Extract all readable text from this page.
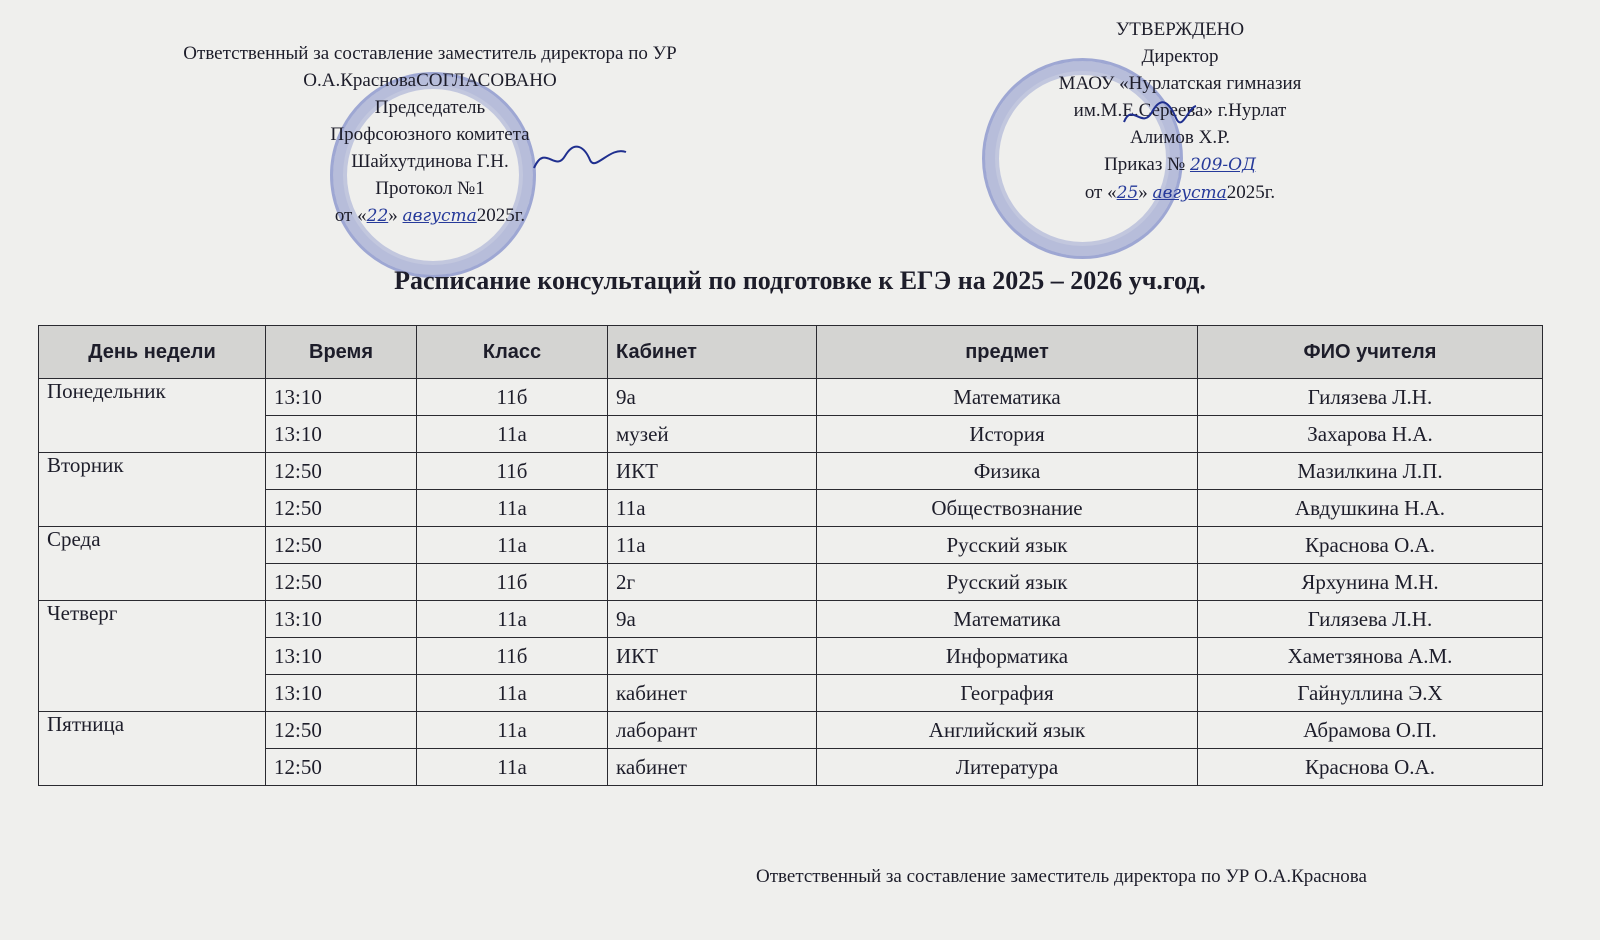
Ответственный за составление заместитель директора по УР
О.А.КрасноваСОГЛАСОВАНО
Председатель
Профсоюзного комитета
Шайхутдинова Г.Н.
Протокол №1
от «22» августа2025г.
УТВЕРЖДЕНО
Директор
МАОУ «Нурлатская гимназия
им.М.Е.Сереева» г.Нурлат
Алимов Х.Р.
Приказ № 209-ОД
от «25» августа2025г.
Расписание консультаций по подготовке к ЕГЭ на 2025 – 2026 уч.год.
День недели	Время	Класс	Кабинет	предмет	ФИО учителя
Понедельник	13:10	11б	9а	Математика	Гилязева Л.Н.
	13:10	11а	музей	История	Захарова Н.А.
Вторник	12:50	11б	ИКТ	Физика	Мазилкина Л.П.
	12:50	11а	11а	Обществознание	Авдушкина Н.А.
Среда	12:50	11а	11а	Русский язык	Краснова О.А.
	12:50	11б	2г	Русский язык	Ярхунина М.Н.
Четверг	13:10	11а	9а	Математика	Гилязева Л.Н.
	13:10	11б	ИКТ	Информатика	Хаметзянова А.М.
	13:10	11а	кабинет	География	Гайнуллина Э.Х
Пятница	12:50	11а	лаборант	Английский язык	Абрамова О.П.
	12:50	11а	кабинет	Литература	Краснова О.А.
Ответственный за составление заместитель директора по УР О.А.Краснова
